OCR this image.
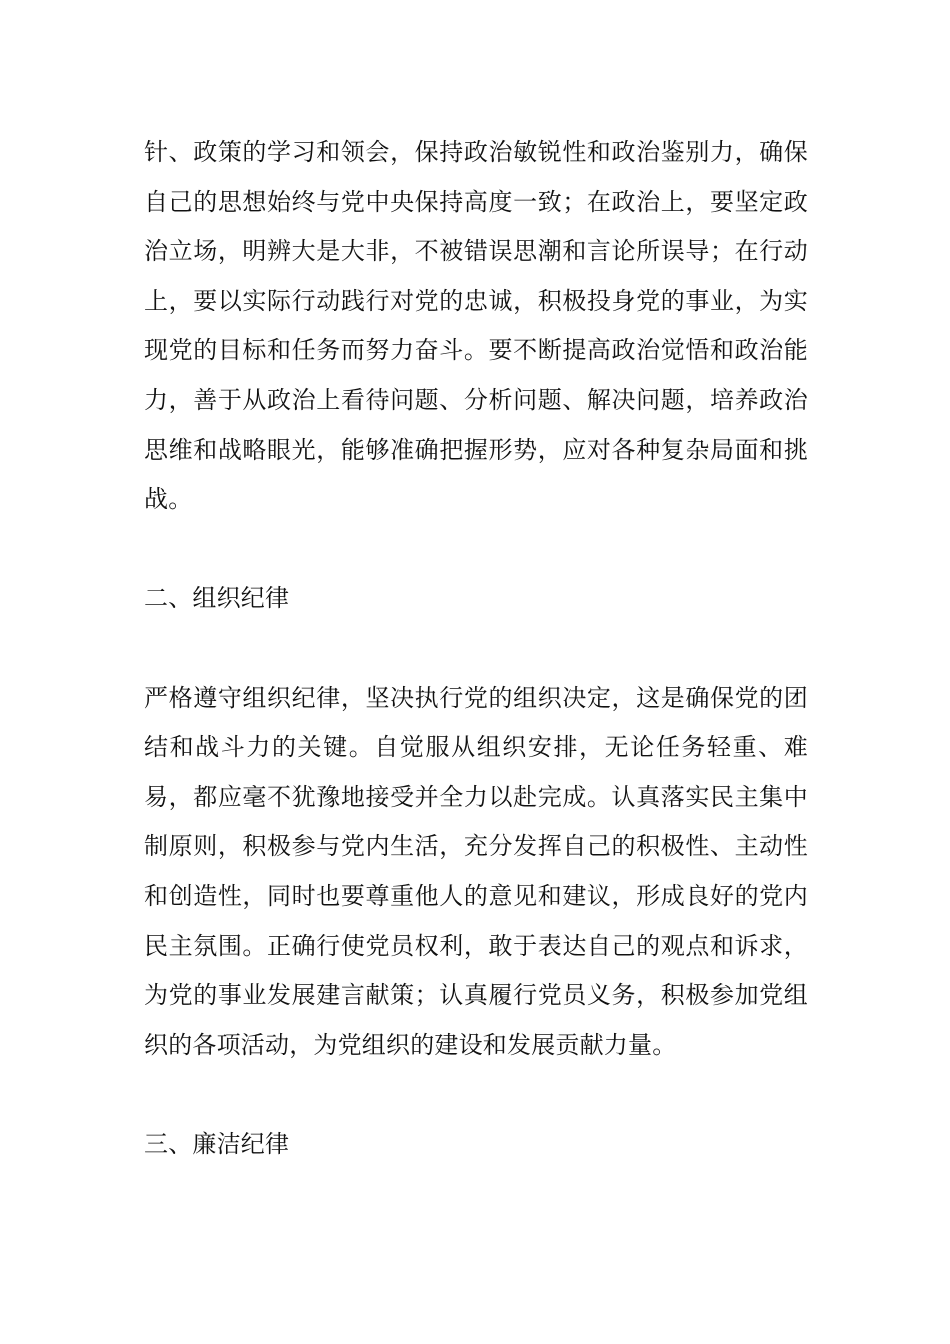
针、政策的学习和领会，保持政治敏锐性和政治鉴别力，确保自己的思想始终与党中央保持高度一致；在政治上，要坚定政治立场，明辨大是大非，不被错误思潮和言论所误导；在行动上，要以实际行动践行对党的忠诚，积极投身党的事业，为实现党的目标和任务而努力奋斗。要不断提高政治觉悟和政治能力，善于从政治上看待问题、分析问题、解决问题，培养政治思维和战略眼光，能够准确把握形势，应对各种复杂局面和挑战。

二、组织纪律

严格遵守组织纪律，坚决执行党的组织决定，这是确保党的团结和战斗力的关键。自觉服从组织安排，无论任务轻重、难易，都应毫不犹豫地接受并全力以赴完成。认真落实民主集中制原则，积极参与党内生活，充分发挥自己的积极性、主动性和创造性，同时也要尊重他人的意见和建议，形成良好的党内民主氛围。正确行使党员权利，敢于表达自己的观点和诉求，为党的事业发展建言献策；认真履行党员义务，积极参加党组织的各项活动，为党组织的建设和发展贡献力量。

三、廉洁纪律
